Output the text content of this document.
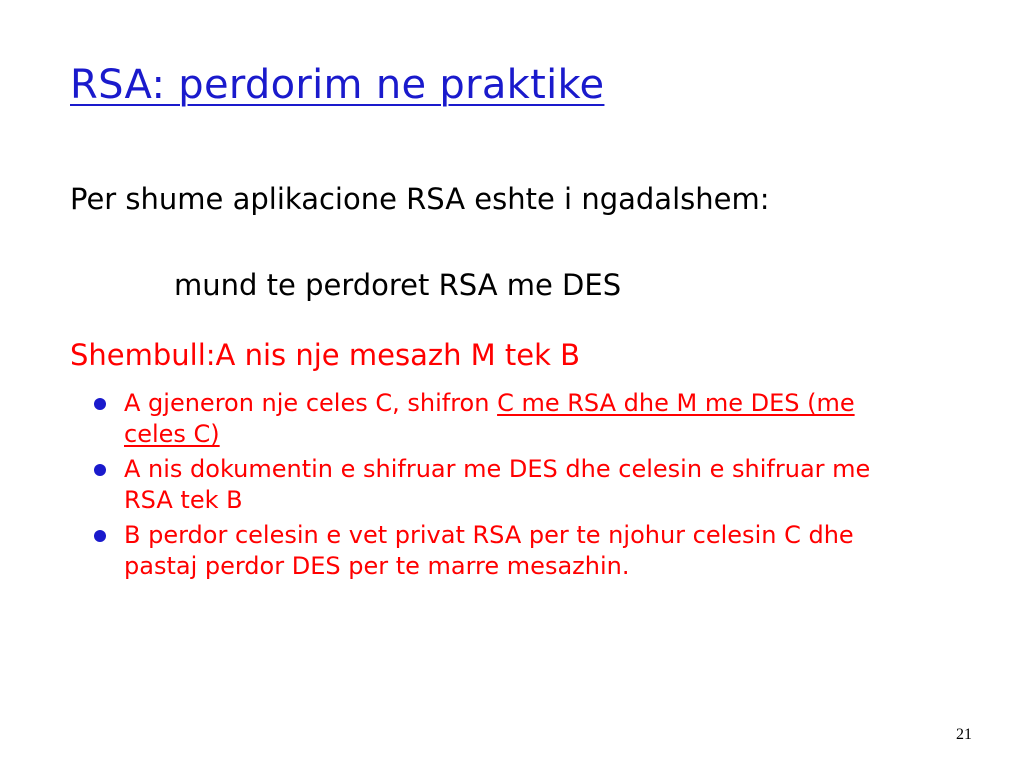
RSA: perdorim ne praktike
Per shume aplikacione RSA eshte i ngadalshem:
mund te perdoret RSA me DES
Shembull:A nis nje mesazh M tek B
A gjeneron nje celes C, shifron C me RSA dhe M me DES (me celes C)
A nis dokumentin e shifruar me DES dhe celesin e shifruar me RSA tek B
B perdor celesin e vet privat RSA per te njohur celesin C dhe pastaj perdor DES per te marre mesazhin.
21
